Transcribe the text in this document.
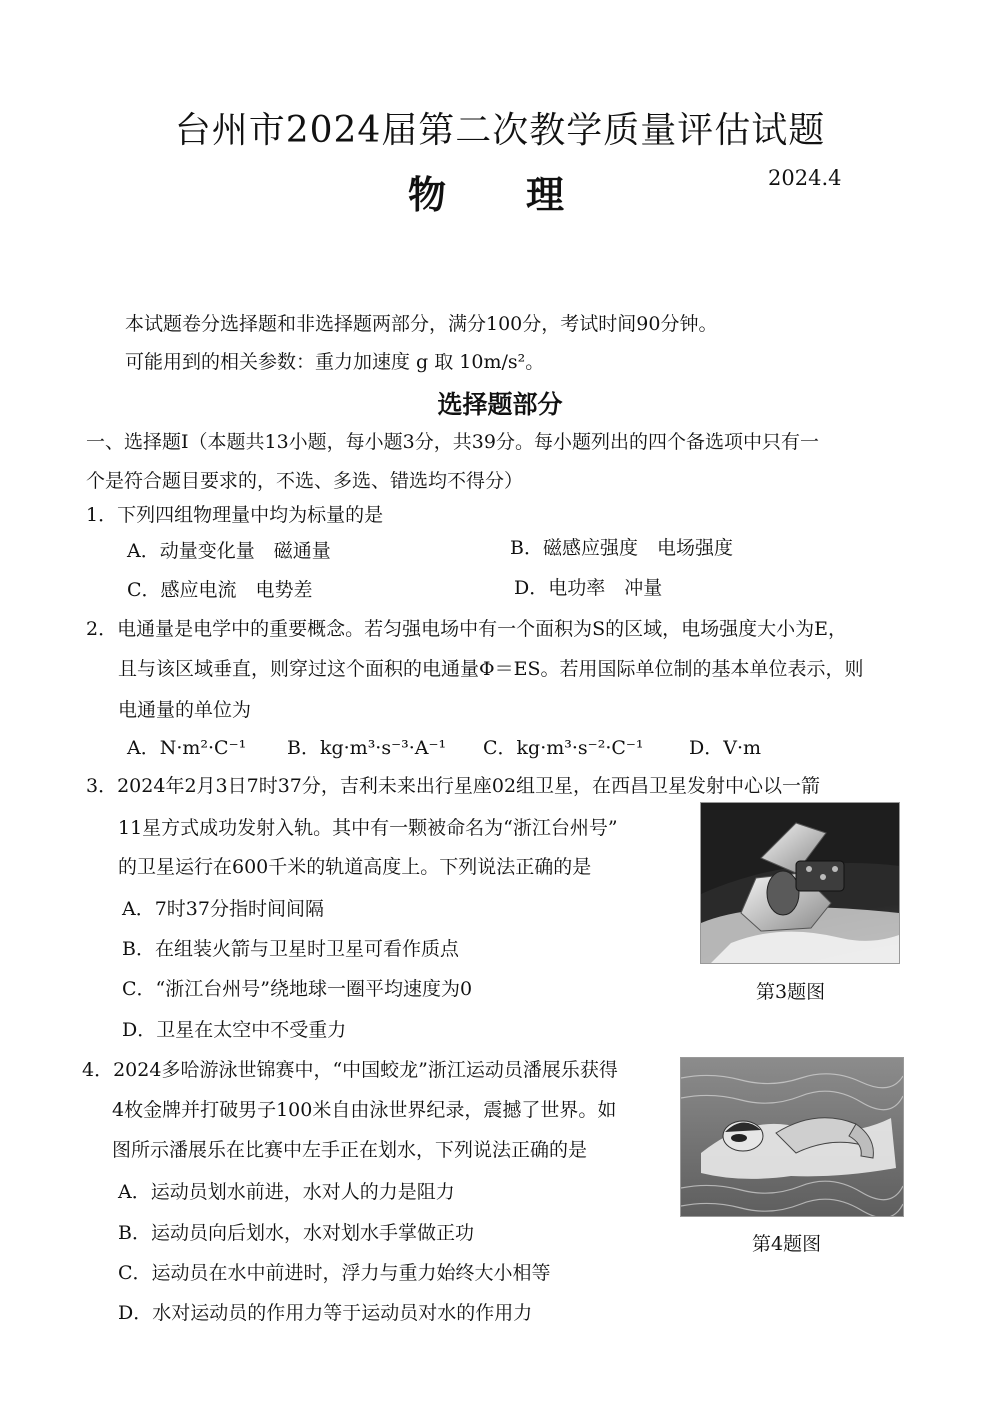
台州市2024届第二次教学质量评估试题
物 理	2024.4
本试题卷分选择题和非选择题两部分，满分100分，考试时间90分钟。
可能用到的相关参数：重力加速度 g 取 10m/s²。
选择题部分
一、选择题Ⅰ（本题共13小题，每小题3分，共39分。每小题列出的四个备选项中只有一
个是符合题目要求的，不选、多选、错选均不得分）
1．下列四组物理量中均为标量的是
A．动量变化量　磁通量	B．磁感应强度　电场强度
C．感应电流　电势差	D．电功率　冲量
2．电通量是电学中的重要概念。若匀强电场中有一个面积为S的区域，电场强度大小为E，
且与该区域垂直，则穿过这个面积的电通量Φ＝ES。若用国际单位制的基本单位表示，则
电通量的单位为
A．N·m²·C⁻¹ B．kg·m³·s⁻³·A⁻¹ C．kg·m³·s⁻²·C⁻¹ D．V·m
3．2024年2月3日7时37分，吉利未来出行星座02组卫星，在西昌卫星发射中心以一箭
11星方式成功发射入轨。其中有一颗被命名为“浙江台州号”
的卫星运行在600千米的轨道高度上。下列说法正确的是
A．7时37分指时间间隔
B．在组装火箭与卫星时卫星可看作质点
C．“浙江台州号”绕地球一圈平均速度为0
D．卫星在太空中不受重力
第3题图
4．2024多哈游泳世锦赛中，“中国蛟龙”浙江运动员潘展乐获得
4枚金牌并打破男子100米自由泳世界纪录，震撼了世界。如
图所示潘展乐在比赛中左手正在划水，下列说法正确的是
A．运动员划水前进，水对人的力是阻力
B．运动员向后划水，水对划水手掌做正功
C．运动员在水中前进时，浮力与重力始终大小相等
D．水对运动员的作用力等于运动员对水的作用力
第4题图
